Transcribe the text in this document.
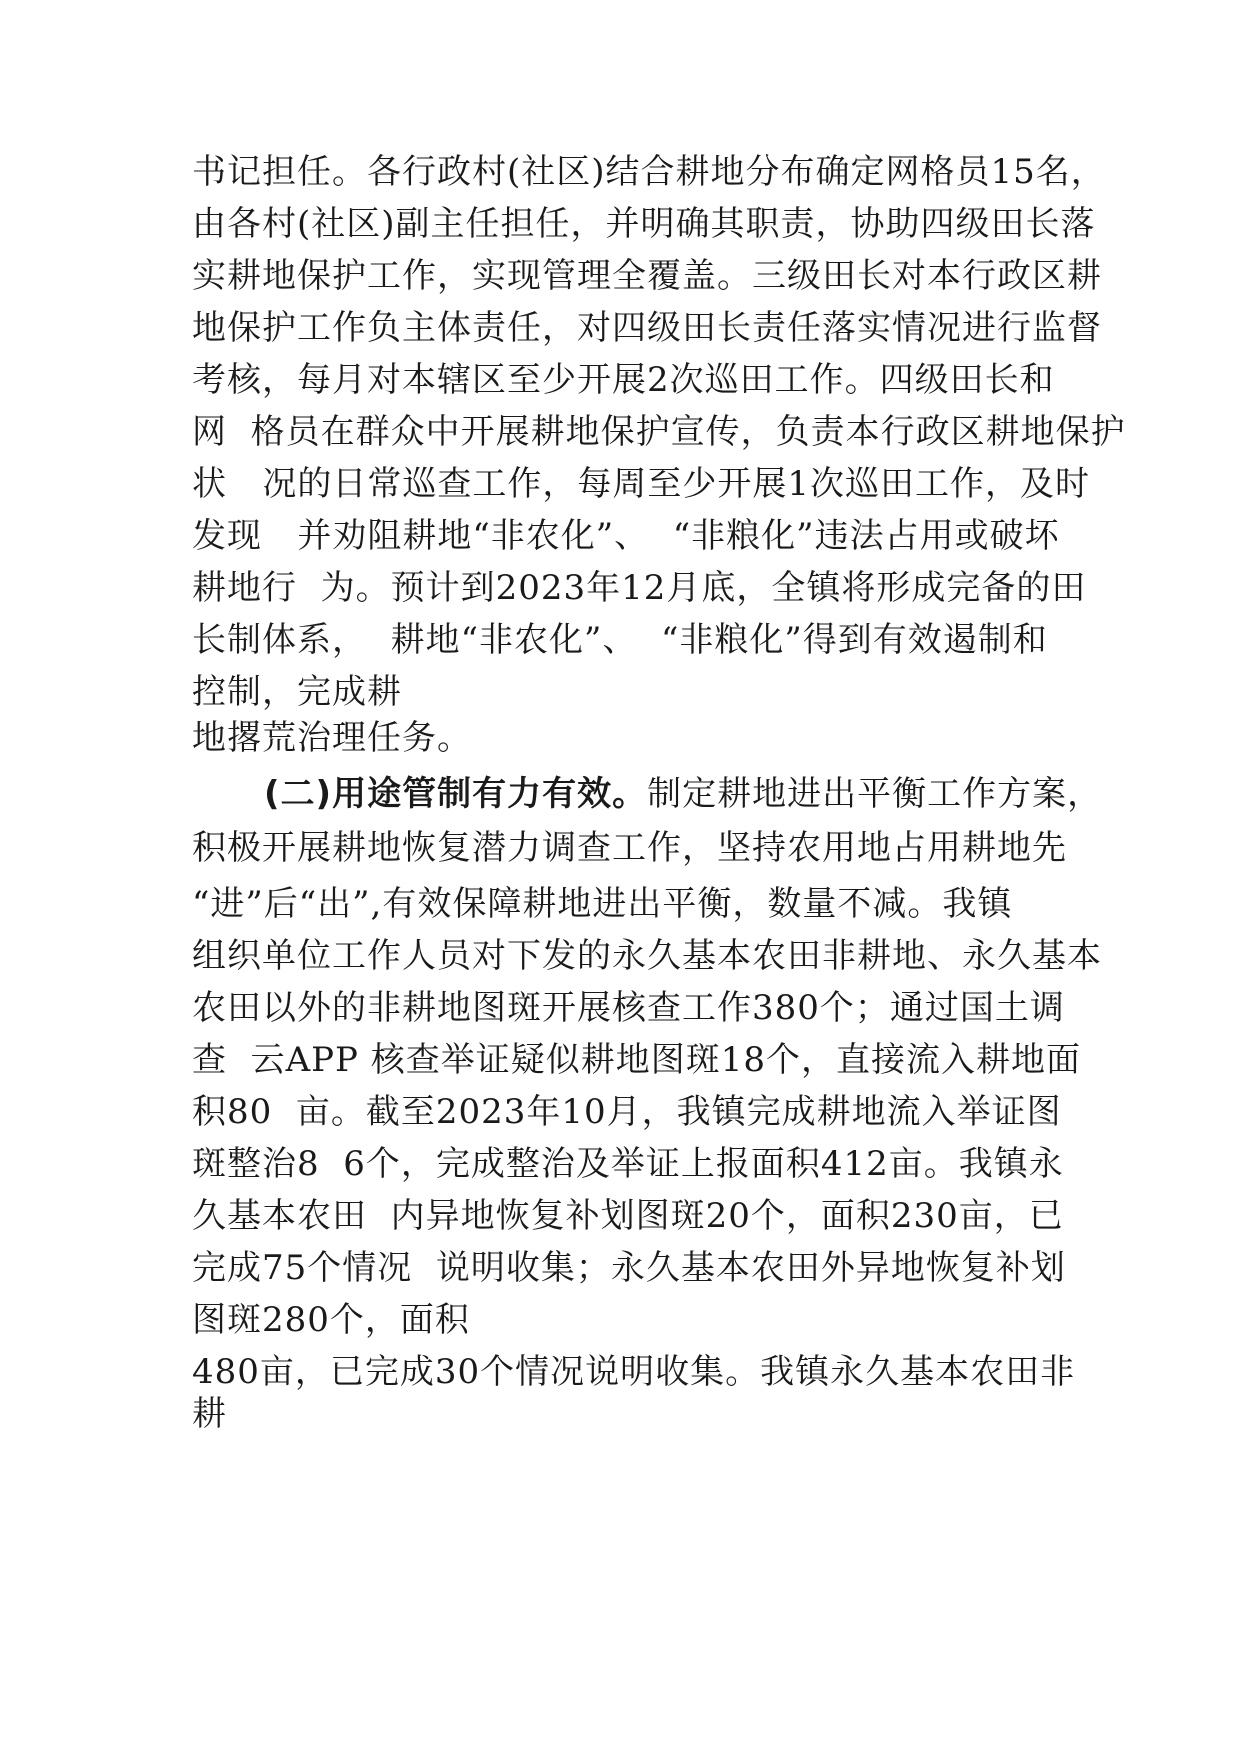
书记担任。各行政村(社区)结合耕地分布确定网格员15名，

由各村(社区)副主任担任，并明确其职责，协助四级田长落

实耕地保护工作，实现管理全覆盖。三级田长对本行政区耕

地保护工作负主体责任，对四级田长责任落实情况进行监督

考核，每月对本辖区至少开展2次巡田工作。四级田长和

网  格员在群众中开展耕地保护宣传，负责本行政区耕地保护

状   况的日常巡查工作，每周至少开展1次巡田工作，及时

发现   并劝阻耕地“非农化”、  “非粮化”违法占用或破坏

耕地行  为。预计到2023年12月底，全镇将形成完备的田

长制体系，  耕地“非农化”、  “非粮化”得到有效遏制和

控制，完成耕

地撂荒治理任务。

(二)用途管制有力有效。制定耕地进出平衡工作方案，

积极开展耕地恢复潜力调查工作，坚持农用地占用耕地先

“进”后“出”,有效保障耕地进出平衡，数量不减。我镇

组织单位工作人员对下发的永久基本农田非耕地、永久基本

农田以外的非耕地图斑开展核查工作380个；通过国土调

查  云APP 核查举证疑似耕地图斑18个，直接流入耕地面

积80  亩。截至2023年10月，我镇完成耕地流入举证图

斑整治8  6个，完成整治及举证上报面积412亩。我镇永

久基本农田  内异地恢复补划图斑20个，面积230亩，已

完成75个情况  说明收集；永久基本农田外异地恢复补划

图斑280个，面积

480亩，已完成30个情况说明收集。我镇永久基本农田非

耕
